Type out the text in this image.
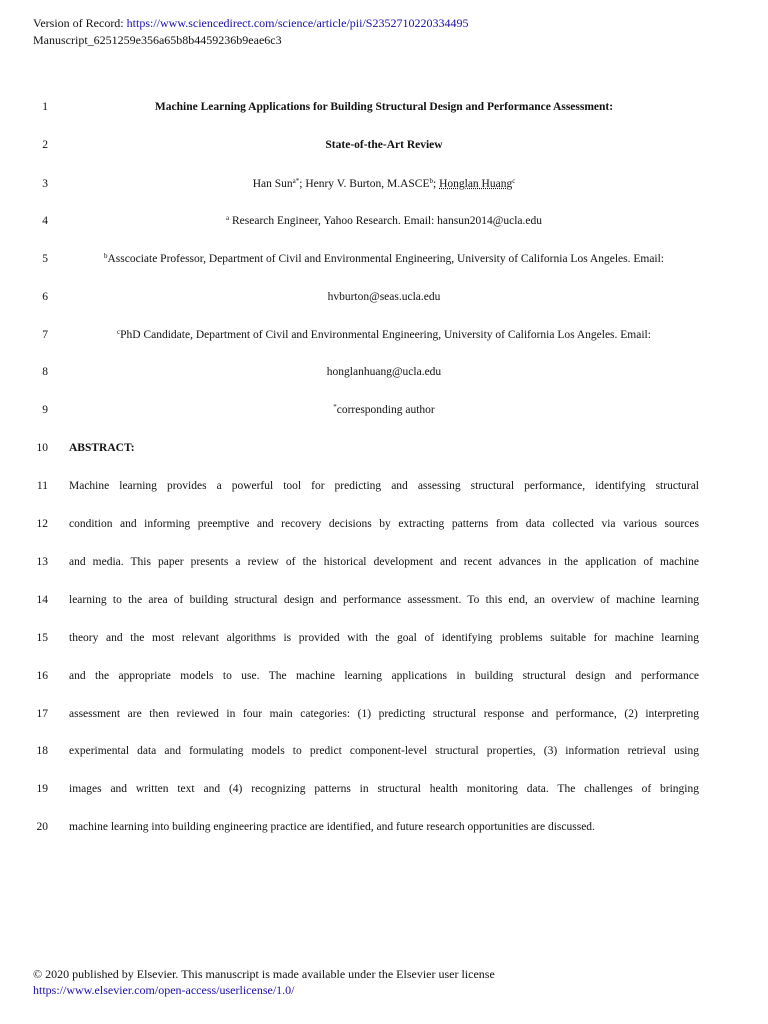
Version of Record: https://www.sciencedirect.com/science/article/pii/S2352710220334495
Manuscript_6251259e356a65b8b4459236b9eae6c3
1	Machine Learning Applications for Building Structural Design and Performance Assessment:
2	State-of-the-Art Review
3	Han Sun$^{a*}$; Henry V. Burton, M.ASCE$^b$; Honglan Huang$^c$
4	$^a$ Research Engineer, Yahoo Research. Email: hansun2014@ucla.edu
5	$^b$Asscociate Professor, Department of Civil and Environmental Engineering, University of California Los Angeles. Email:
6	hvburton@seas.ucla.edu
7	$^c$PhD Candidate, Department of Civil and Environmental Engineering, University of California Los Angeles. Email:
8	honglanhuang@ucla.edu
9	*corresponding author
10 ABSTRACT:
11 Machine learning provides a powerful tool for predicting and assessing structural performance, identifying structural
12 condition and informing preemptive and recovery decisions by extracting patterns from data collected via various sources
13 and media. This paper presents a review of the historical development and recent advances in the application of machine
14 learning to the area of building structural design and performance assessment. To this end, an overview of machine learning
15 theory and the most relevant algorithms is provided with the goal of identifying problems suitable for machine learning
16 and the appropriate models to use. The machine learning applications in building structural design and performance
17 assessment are then reviewed in four main categories: (1) predicting structural response and performance, (2) interpreting
18 experimental data and formulating models to predict component-level structural properties, (3) information retrieval using
19 images and written text and (4) recognizing patterns in structural health monitoring data. The challenges of bringing
20 machine learning into building engineering practice are identified, and future research opportunities are discussed.
© 2020 published by Elsevier. This manuscript is made available under the Elsevier user license
https://www.elsevier.com/open-access/userlicense/1.0/
